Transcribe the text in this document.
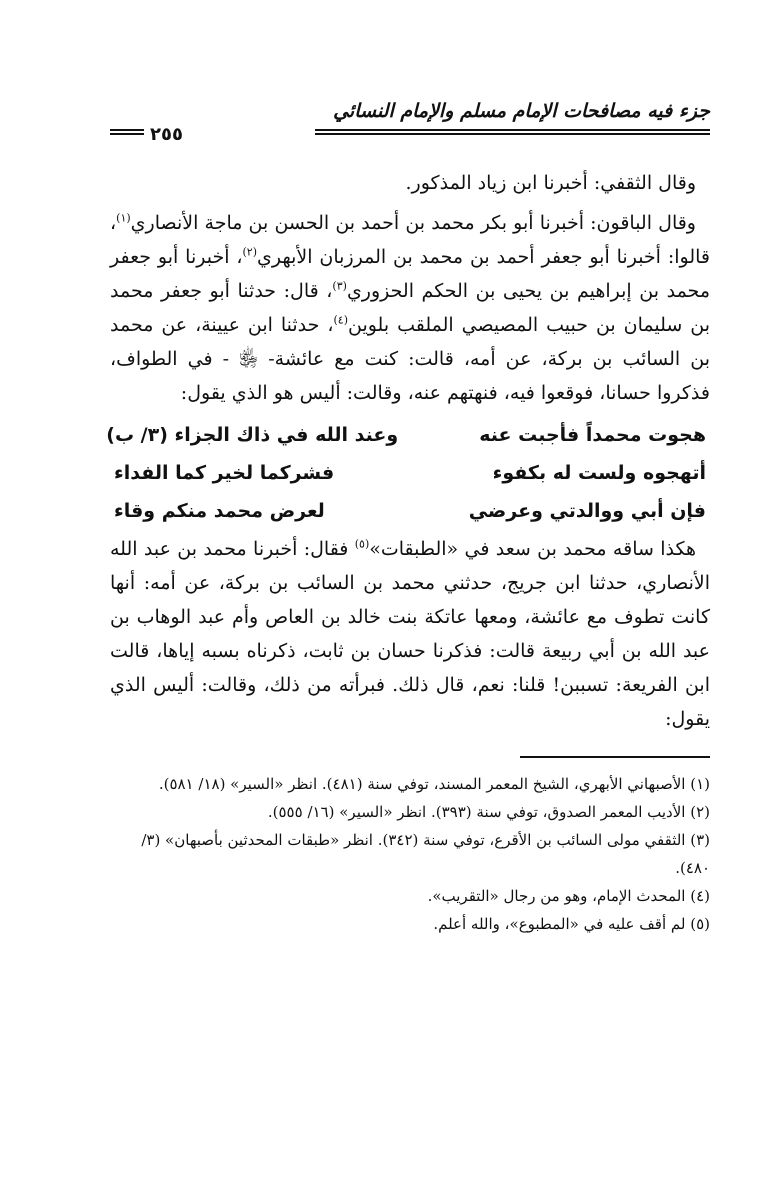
جزء فيه مصافحات الإمام مسلم والإمام النسائي
٢٥٥

وقال الثقفي: أخبرنا ابن زياد المذكور.

وقال الباقون: أخبرنا أبو بكر محمد بن أحمد بن الحسن بن ماجة الأنصاري$^{(١)}$، قالوا: أخبرنا أبو جعفر أحمد بن محمد بن المرزبان الأبهري$^{(٢)}$، أخبرنا أبو جعفر محمد بن إبراهيم بن يحيى بن الحكم الحزوري$^{(٣)}$، قال: حدثنا أبو جعفر محمد بن سليمان بن حبيب المصيصي الملقب بلوين$^{(٤)}$، حدثنا ابن عيينة، عن محمد بن السائب بن بركة، عن أمه، قالت: كنت مع عائشة- ﵂ - في الطواف، فذكروا حسانا، فوقعوا فيه، فنهتهم عنه، وقالت: أليس هو الذي يقول:

هجوت محمداً فأجبت عنه
وعند الله في ذاك الجزاء (٣/ ب)
أتهجوه ولست له بكفوء
فشركما لخير كما الفداء
فإن أبي ووالدتي وعرضي
لعرض محمد منكم وقاء

هكذا ساقه محمد بن سعد في «الطبقات»$^{(٥)}$ فقال: أخبرنا محمد بن عبد الله الأنصاري، حدثنا ابن جريج، حدثني محمد بن السائب بن بركة، عن أمه: أنها كانت تطوف مع عائشة، ومعها عاتكة بنت خالد بن العاص وأم عبد الوهاب بن عبد الله بن أبي ربيعة قالت: فذكرنا حسان بن ثابت، ذكرناه بسبه إياها، قالت ابن الفريعة: تسببن! قلنا: نعم، قال ذلك. فبرأته من ذلك، وقالت: أليس الذي يقول:

(١) الأصبهاني الأبهري، الشيخ المعمر المسند، توفي سنة (٤٨١). انظر «السير» (١٨/ ٥٨١).

(٢) الأديب المعمر الصدوق، توفي سنة (٣٩٣). انظر «السير» (١٦/ ٥٥٥).

(٣) الثقفي مولى السائب بن الأقرع، توفي سنة (٣٤٢). انظر «طبقات المحدثين بأصبهان» (٣/ ٤٨٠).

(٤) المحدث الإمام، وهو من رجال «التقريب».

(٥) لم أقف عليه في «المطبوع»، والله أعلم.
